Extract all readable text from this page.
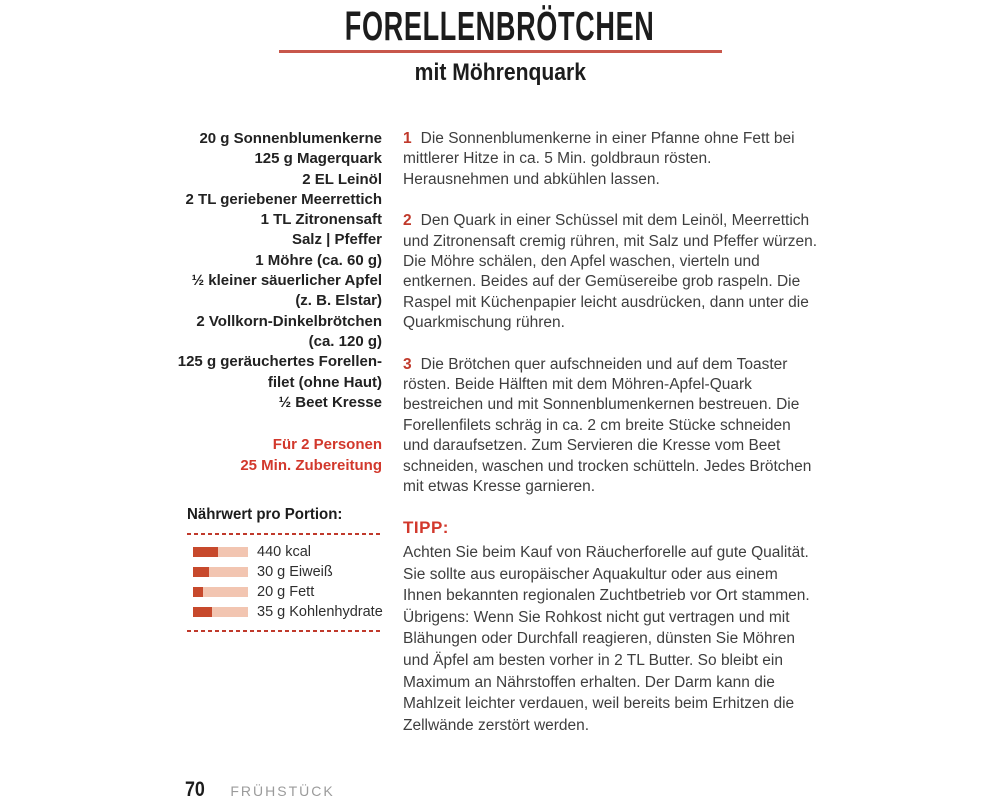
FORELLENBRÖTCHEN
mit Möhrenquark
20 g Sonnenblumenkerne
125 g Magerquark
2 EL Leinöl
2 TL geriebener Meerrettich
1 TL Zitronensaft
Salz | Pfeffer
1 Möhre (ca. 60 g)
½ kleiner säuerlicher Apfel
(z. B. Elstar)
2 Vollkorn-Dinkelbrötchen
(ca. 120 g)
125 g geräuchertes Forellen-
filet (ohne Haut)
½ Beet Kresse
Für 2 Personen
25 Min. Zubereitung
Nährwert pro Portion:
440 kcal
30 g Eiweiß
20 g Fett
35 g Kohlenhydrate

1 Die Sonnenblumenkerne in einer Pfanne ohne Fett bei mittlerer Hitze in ca. 5 Min. goldbraun rösten. Herausnehmen und abkühlen lassen.

2 Den Quark in einer Schüssel mit dem Leinöl, Meerrettich und Zitronensaft cremig rühren, mit Salz und Pfeffer würzen. Die Möhre schälen, den Apfel waschen, vierteln und entkernen. Beides auf der Gemüsereibe grob raspeln. Die Raspel mit Küchenpapier leicht ausdrücken, dann unter die Quarkmischung rühren.

3 Die Brötchen quer aufschneiden und auf dem Toaster rösten. Beide Hälften mit dem Möhren-Apfel-Quark bestreichen und mit Sonnenblumenkernen bestreuen. Die Forellenfilets schräg in ca. 2 cm breite Stücke schneiden und daraufsetzen. Zum Servieren die Kresse vom Beet schneiden, waschen und trocken schütteln. Jedes Brötchen mit etwas Kresse garnieren.

TIPP:
Achten Sie beim Kauf von Räucherforelle auf gute Qualität. Sie sollte aus europäischer Aquakultur oder aus einem Ihnen bekannten regionalen Zuchtbetrieb vor Ort stammen. Übrigens: Wenn Sie Rohkost nicht gut vertragen und mit Blähungen oder Durchfall reagieren, dünsten Sie Möhren und Äpfel am besten vorher in 2 TL Butter. So bleibt ein Maximum an Nährstoffen erhalten. Der Darm kann die Mahlzeit leichter verdauen, weil bereits beim Erhitzen die Zellwände zerstört werden.
70 FRÜHSTÜCK
